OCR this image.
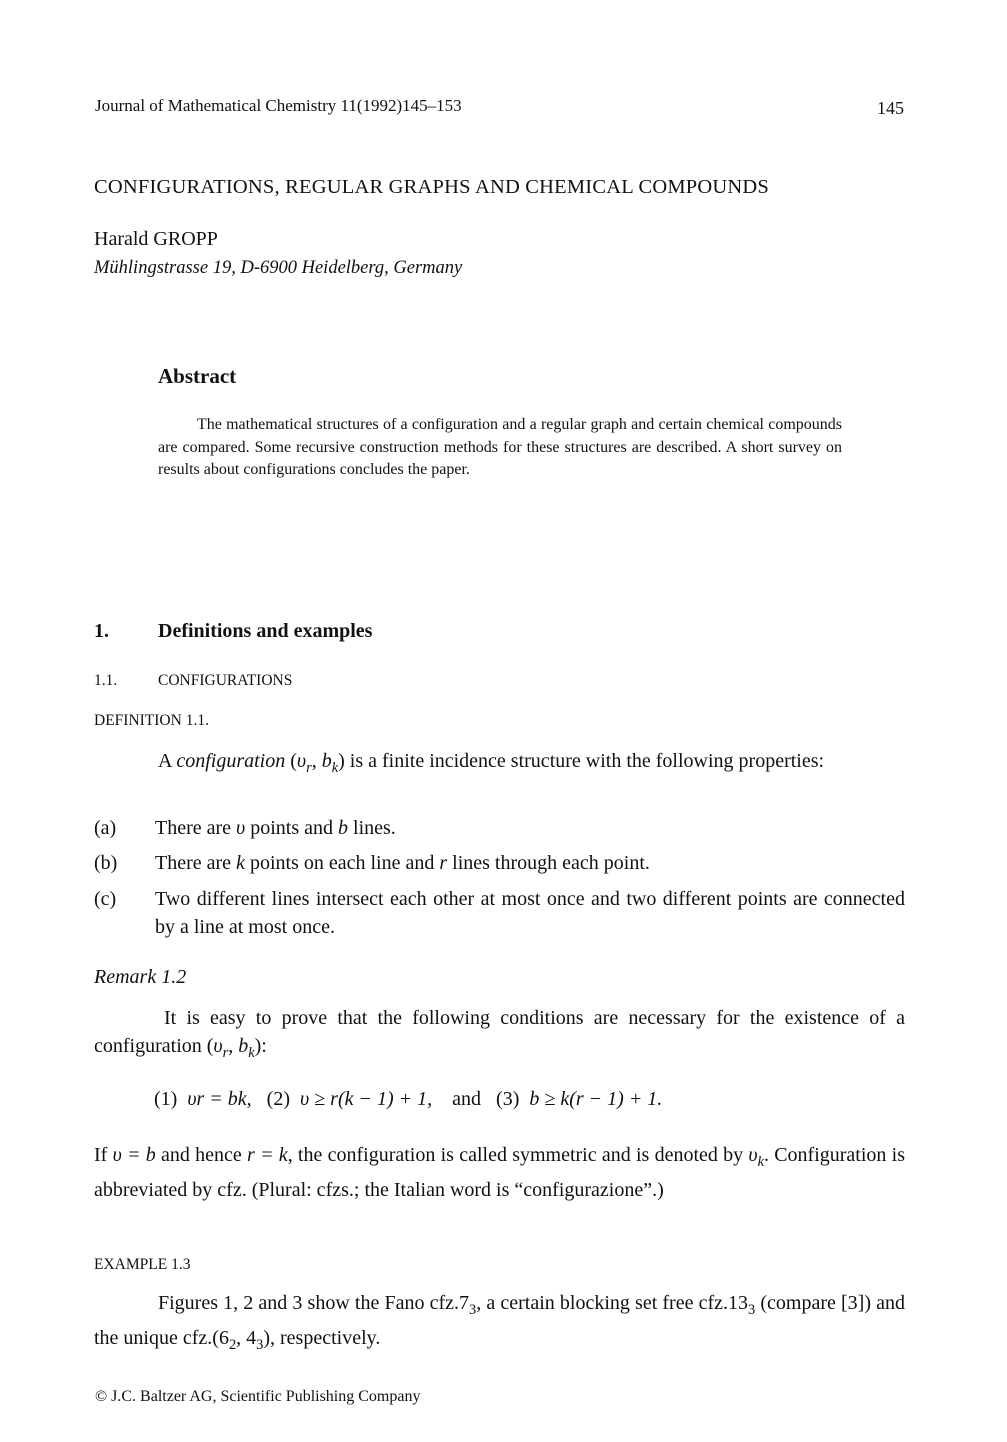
Journal of Mathematical Chemistry 11(1992)145–153	145

CONFIGURATIONS, REGULAR GRAPHS AND CHEMICAL COMPOUNDS

Harald GROPP

Mühlingstrasse 19, D-6900 Heidelberg, Germany

Abstract

The mathematical structures of a configuration and a regular graph and certain chemical compounds are compared. Some recursive construction methods for these structures are described. A short survey on results about configurations concludes the paper.

1. Definitions and examples

1.1.	CONFIGURATIONS

DEFINITION 1.1.

A configuration ($\upsilon_r$, $b_k$) is a finite incidence structure with the following properties:

(a) There are υ points and b lines.

(b) There are k points on each line and r lines through each point.

(c) Two different lines intersect each other at most once and two different points are connected by a line at most once.

Remark 1.2

It is easy to prove that the following conditions are necessary for the existence of a configuration ($\upsilon_r$, $b_k$):

(1) υr = bk, (2) υ ≥ r(k − 1) + 1, and (3) b ≥ k(r − 1) + 1.

If υ = b and hence r = k, the configuration is called symmetric and is denoted by $\upsilon_k$. Configuration is abbreviated by cfz. (Plural: cfzs.; the Italian word is “configurazione”.)

EXAMPLE 1.3

Figures 1, 2 and 3 show the Fano $cfz.7_3$, a certain blocking set free $cfz.13_3$ (compare [3]) and the unique $cfz.(6_2$, $4_3$), respectively.

© J.C. Baltzer AG, Scientific Publishing Company
